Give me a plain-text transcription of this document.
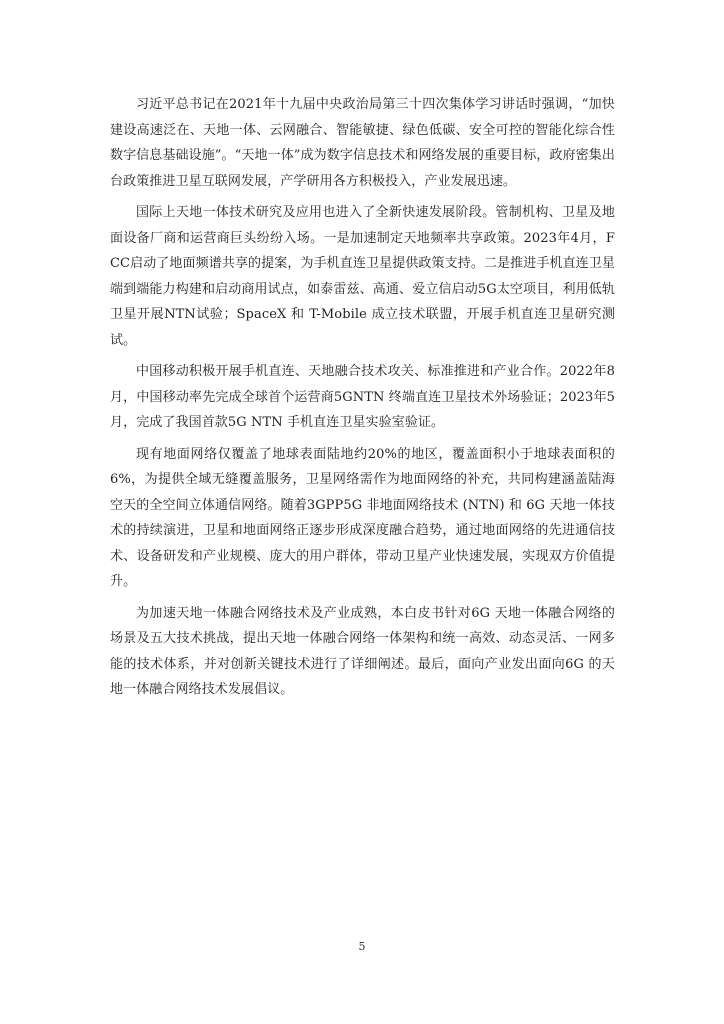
习近平总书记在2021年十九届中央政治局第三十四次集体学习讲话时强调，“加快建设高速泛在、天地一体、云网融合、智能敏捷、绿色低碳、安全可控的智能化综合性数字信息基础设施”。“天地一体”成为数字信息技术和网络发展的重要目标，政府密集出台政策推进卫星互联网发展，产学研用各方积极投入，产业发展迅速。

国际上天地一体技术研究及应用也进入了全新快速发展阶段。管制机构、卫星及地面设备厂商和运营商巨头纷纷入场。一是加速制定天地频率共享政策。2023年4月，FCC启动了地面频谱共享的提案，为手机直连卫星提供政策支持。二是推进手机直连卫星端到端能力构建和启动商用试点，如泰雷兹、高通、爱立信启动5G太空项目，利用低轨卫星开展NTN试验；SpaceX 和 T-Mobile 成立技术联盟，开展手机直连卫星研究测试。

中国移动积极开展手机直连、天地融合技术攻关、标准推进和产业合作。2022年8月，中国移动率先完成全球首个运营商5GNTN 终端直连卫星技术外场验证；2023年5月，完成了我国首款5G NTN 手机直连卫星实验室验证。

现有地面网络仅覆盖了地球表面陆地约20%的地区，覆盖面积小于地球表面积的6%，为提供全域无缝覆盖服务，卫星网络需作为地面网络的补充，共同构建涵盖陆海空天的全空间立体通信网络。随着3GPP5G 非地面网络技术 (NTN) 和 6G 天地一体技术的持续演进，卫星和地面网络正逐步形成深度融合趋势，通过地面网络的先进通信技术、设备研发和产业规模、庞大的用户群体，带动卫星产业快速发展，实现双方价值提升。

为加速天地一体融合网络技术及产业成熟，本白皮书针对6G 天地一体融合网络的场景及五大技术挑战，提出天地一体融合网络一体架构和统一高效、动态灵活、一网多能的技术体系，并对创新关键技术进行了详细阐述。最后，面向产业发出面向6G 的天地一体融合网络技术发展倡议。

5
